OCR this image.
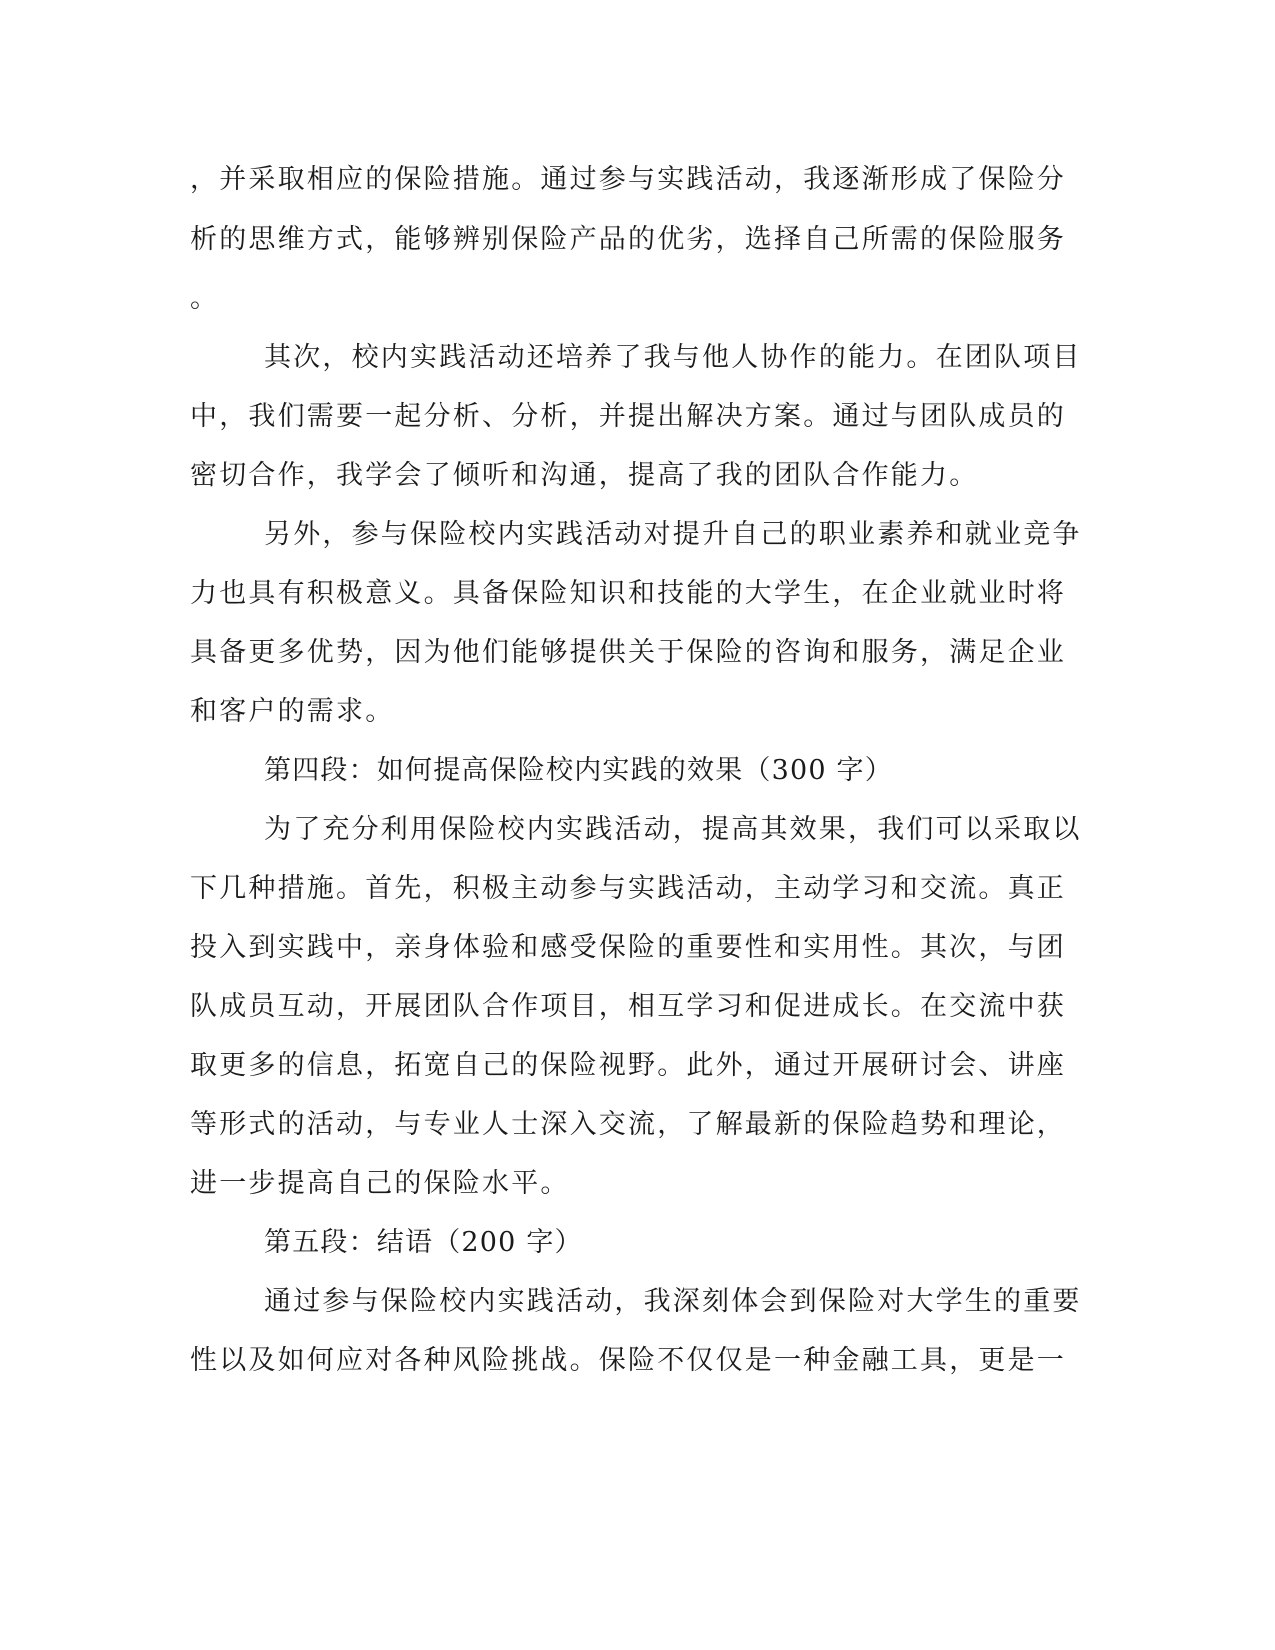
，并采取相应的保险措施。通过参与实践活动，我逐渐形成了保险分
析的思维方式，能够辨别保险产品的优劣，选择自己所需的保险服务
。
其次，校内实践活动还培养了我与他人协作的能力。在团队项目
中，我们需要一起分析、分析，并提出解决方案。通过与团队成员的
密切合作，我学会了倾听和沟通，提高了我的团队合作能力。
另外，参与保险校内实践活动对提升自己的职业素养和就业竞争
力也具有积极意义。具备保险知识和技能的大学生，在企业就业时将
具备更多优势，因为他们能够提供关于保险的咨询和服务，满足企业
和客户的需求。
第四段：如何提高保险校内实践的效果（300 字）
为了充分利用保险校内实践活动，提高其效果，我们可以采取以
下几种措施。首先，积极主动参与实践活动，主动学习和交流。真正
投入到实践中，亲身体验和感受保险的重要性和实用性。其次，与团
队成员互动，开展团队合作项目，相互学习和促进成长。在交流中获
取更多的信息，拓宽自己的保险视野。此外，通过开展研讨会、讲座
等形式的活动，与专业人士深入交流，了解最新的保险趋势和理论，
进一步提高自己的保险水平。
第五段：结语（200 字）
通过参与保险校内实践活动，我深刻体会到保险对大学生的重要
性以及如何应对各种风险挑战。保险不仅仅是一种金融工具，更是一
